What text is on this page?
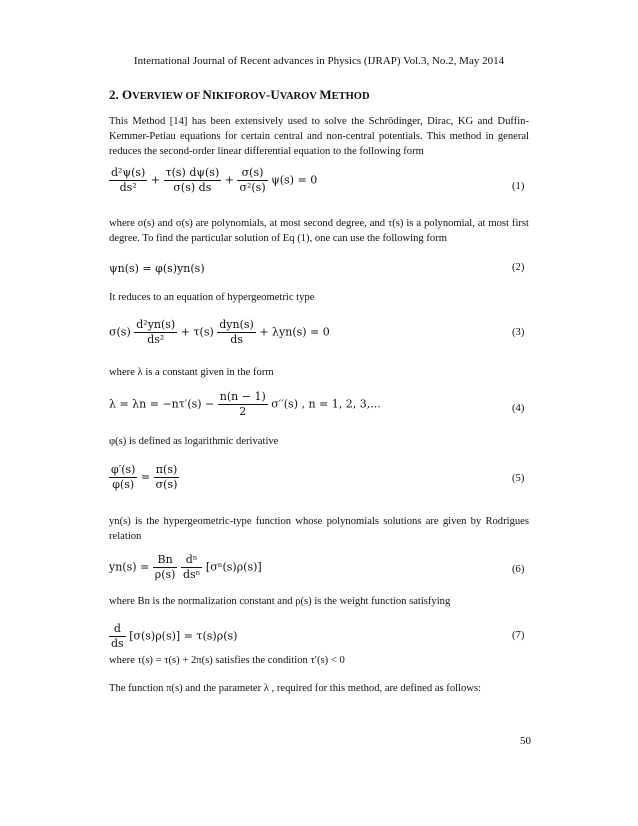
International Journal of Recent advances in Physics (IJRAP) Vol.3, No.2, May 2014
2. OVERVIEW OF NIKIFOROV-UVAROV METHOD
This Method [14] has been extensively used to solve the Schrödinger, Dirac, KG and Duffin-Kemmer-Petiau equations for certain central and non-central potentials. This method in general reduces the second-order linear differential equation to the following form
$\frac{\text{d²ψ(s)}}{\text{ds²}} + \frac{\tau(s) d\psi(s)}{\sigma(s) ds} + \frac{\sigma(s)}{\text{σ²(s)}} \psi(s) = 0$	(1)
where σ(s) and σ(s) are polynomials, at most second degree, and τ(s) is a polynomial, at most first degree. To find the particular solution of Eq (1), one can use the following form
ψn(s) = φ(s)yn(s)	(2)
It reduces to an equation of hypergeometric type
$\sigma(s) \frac{\text{d²yn(s)}}{\text{ds²}} + \tau(s) \frac{\text{dyn(s)}}{ds} + \lambda yn(s) = 0$	(3)
where λ is a constant given in the form
$\lambda = \lambda n = -n\tau'(s) - \frac{n(n - 1)}{2} \sigma''(s)$ , n = 1, 2, 3,...	(4)
φ(s) is defined as logarithmic derivative
$\frac{\varphi'(s)}{\varphi(s)} = \frac{\pi(s)}{\sigma(s)}$	(5)
yn(s) is the hypergeometric-type function whose polynomials solutions are given by Rodrigues relation
$yn(s) = \frac{Bn}{\rho(s)}$
$\frac{\text{dⁿ}}{\text{dsⁿ}} [\sigma^n(s)\rho(s)]$	(6)
where Bn is the normalization constant and ρ(s) is the weight function satisfying
$\frac{d}{ds} [\sigma(s)\rho(s)] = \tau(s)\rho(s)$	(7)
where τ(s) = τ(s) + 2π(s) satisfies the condition τ′(s) < 0
The function π(s) and the parameter λ , required for this method, are defined as follows:
50
